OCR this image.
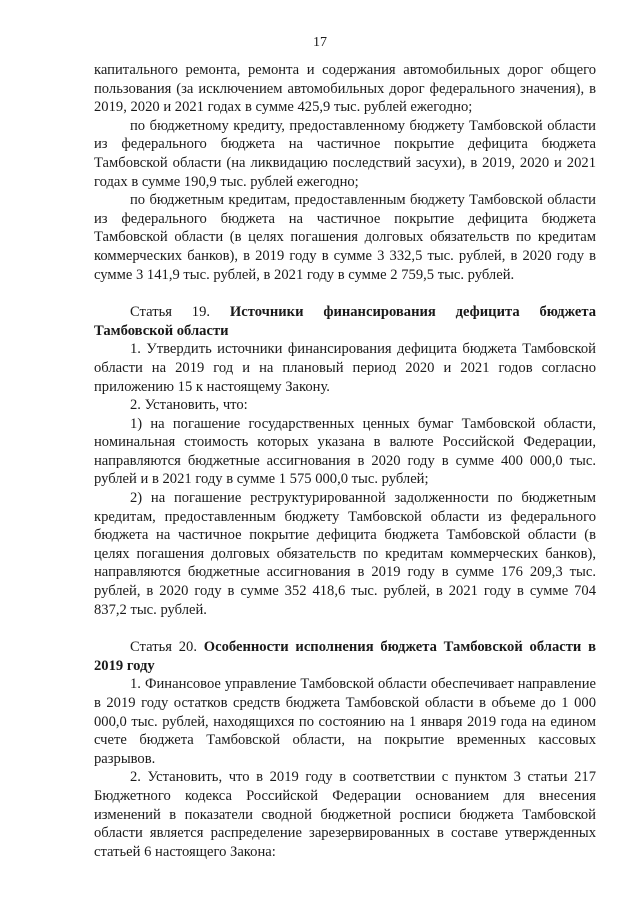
17

капитального ремонта, ремонта и содержания автомобильных дорог общего пользования (за исключением автомобильных дорог федерального значения), в 2019, 2020 и 2021 годах в сумме 425,9 тыс. рублей ежегодно;

по бюджетному кредиту, предоставленному бюджету Тамбовской области из федерального бюджета на частичное покрытие дефицита бюджета Тамбовской области (на ликвидацию последствий засухи), в 2019, 2020 и 2021 годах в сумме 190,9 тыс. рублей ежегодно;

по бюджетным кредитам, предоставленным бюджету Тамбовской области из федерального бюджета на частичное покрытие дефицита бюджета Тамбовской области (в целях погашения долговых обязательств по кредитам коммерческих банков), в 2019 году в сумме 3 332,5 тыс. рублей, в 2020 году в сумме 3 141,9 тыс. рублей, в 2021 году в сумме 2 759,5 тыс. рублей.

Статья 19. Источники финансирования дефицита бюджета Тамбовской области

1. Утвердить источники финансирования дефицита бюджета Тамбовской области на 2019 год и на плановый период 2020 и 2021 годов согласно приложению 15 к настоящему Закону.

2. Установить, что:

1) на погашение государственных ценных бумаг Тамбовской области, номинальная стоимость которых указана в валюте Российской Федерации, направляются бюджетные ассигнования в 2020 году в сумме 400 000,0 тыс. рублей и в 2021 году в сумме 1 575 000,0 тыс. рублей;

2) на погашение реструктурированной задолженности по бюджетным кредитам, предоставленным бюджету Тамбовской области из федерального бюджета на частичное покрытие дефицита бюджета Тамбовской области (в целях погашения долговых обязательств по кредитам коммерческих банков), направляются бюджетные ассигнования в 2019 году в сумме 176 209,3 тыс. рублей, в 2020 году в сумме 352 418,6 тыс. рублей, в 2021 году в сумме 704 837,2 тыс. рублей.

Статья 20. Особенности исполнения бюджета Тамбовской области в 2019 году

1. Финансовое управление Тамбовской области обеспечивает направление в 2019 году остатков средств бюджета Тамбовской области в объеме до 1 000 000,0 тыс. рублей, находящихся по состоянию на 1 января 2019 года на едином счете бюджета Тамбовской области, на покрытие временных кассовых разрывов.

2. Установить, что в 2019 году в соответствии с пунктом 3 статьи 217 Бюджетного кодекса Российской Федерации основанием для внесения изменений в показатели сводной бюджетной росписи бюджета Тамбовской области является распределение зарезервированных в составе утвержденных статьей 6 настоящего Закона:
